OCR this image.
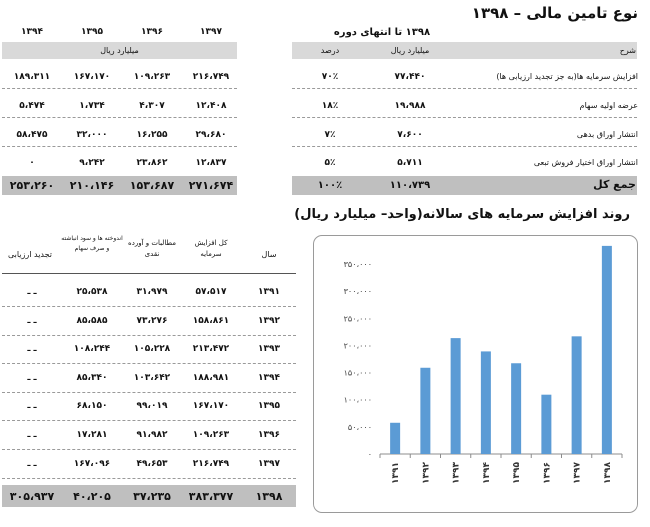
نوع تامین مالی – ۱۳۹۸
۱۳۹۸ تا انتهای دوره
شرح
میلیارد ریال
درصد
افزایش سرمایه ها(به جز تجدید ارزیابی ها)
۷۷،۴۴۰
۷۰٪
عرضه اولیه سهام
۱۹،۹۸۸
۱۸٪
انتشار اوراق بدهی
۷،۶۰۰
۷٪
انتشار اوراق اختیار فروش تبعی
۵،۷۱۱
۵٪
جمع کل
۱۱۰،۷۳۹
۱۰۰٪
۱۳۹۷
۱۳۹۶
۱۳۹۵
۱۳۹۴
میلیارد ریال
۲۱۶،۷۴۹
۱۰۹،۲۶۳
۱۶۷،۱۷۰
۱۸۹،۳۱۱
۱۲،۴۰۸
۴،۳۰۷
۱،۷۳۴
۵،۴۷۴
۲۹،۶۸۰
۱۶،۲۵۵
۳۲،۰۰۰
۵۸،۴۷۵
۱۲،۸۳۷
۲۳،۸۶۲
۹،۲۴۲
۰
۲۷۱،۶۷۴
۱۵۳،۶۸۷
۲۱۰،۱۴۶
۲۵۳،۲۶۰
سال
کل افزایش سرمایه
مطالبات و آورده نقدی
اندوخته ها و سود انباشته و صرف سهام
تجدید ارزیابی
۱۳۹۱
۵۷،۵۱۷
۳۱،۹۷۹
۲۵،۵۳۸
ـ ـ
۱۳۹۲
۱۵۸،۸۶۱
۷۳،۲۷۶
۸۵،۵۸۵
ـ ـ
۱۳۹۳
۲۱۳،۴۷۲
۱۰۵،۲۲۸
۱۰۸،۲۴۴
ـ ـ
۱۳۹۴
۱۸۸،۹۸۱
۱۰۳،۶۴۲
۸۵،۳۴۰
ـ ـ
۱۳۹۵
۱۶۷،۱۷۰
۹۹،۰۱۹
۶۸،۱۵۰
ـ ـ
۱۳۹۶
۱۰۹،۲۶۳
۹۱،۹۸۲
۱۷،۲۸۱
ـ ـ
۱۳۹۷
۲۱۶،۷۴۹
۴۹،۶۵۳
۱۶۷،۰۹۶
ـ ـ
۱۳۹۸
۳۸۳،۳۷۷
۳۷،۲۳۵
۴۰،۲۰۵
۳۰۵،۹۳۷
روند افزایش سرمایه های سالانه(واحد– میلیارد ریال)
۰
۵۰،۰۰۰
۱۰۰،۰۰۰
۱۵۰،۰۰۰
۲۰۰،۰۰۰
۲۵۰،۰۰۰
۳۰۰،۰۰۰
۳۵۰،۰۰۰
۱۳۹۱ ۱۳۹۲ ۱۳۹۳ ۱۳۹۴ ۱۳۹۵ ۱۳۹۶ ۱۳۹۷ ۱۳۹۸
